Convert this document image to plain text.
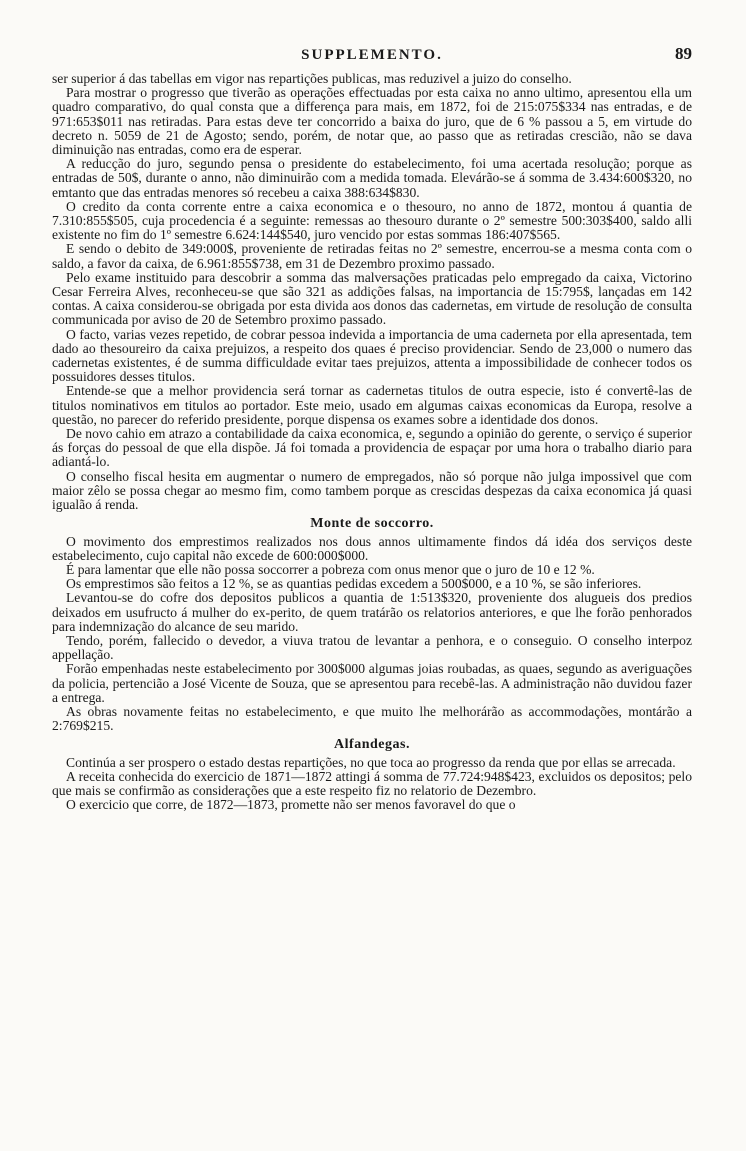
SUPPLEMENTO.	89

ser superior á das tabellas em vigor nas repartições publicas, mas reduzivel a juizo do conselho.

Para mostrar o progresso que tiverão as operações effectuadas por esta caixa no anno ultimo, apresentou ella um quadro comparativo, do qual consta que a differença para mais, em 1872, foi de 215:075$334 nas entradas, e de 971:653$011 nas retiradas. Para estas deve ter concorrido a baixa do juro, que de 6 % passou a 5, em virtude do decreto n. 5059 de 21 de Agosto; sendo, porém, de notar que, ao passo que as retiradas crescião, não se dava diminuição nas entradas, como era de esperar.

A reducção do juro, segundo pensa o presidente do estabelecimento, foi uma acertada resolução; porque as entradas de 50$, durante o anno, não diminuirão com a medida tomada. Elevárão-se á somma de 3.434:600$320, no emtanto que das entradas menores só recebeu a caixa 388:634$830.

O credito da conta corrente entre a caixa economica e o thesouro, no anno de 1872, montou á quantia de 7.310:855$505, cuja procedencia é a seguinte: remessas ao thesouro durante o 2º semestre 500:303$400, saldo alli existente no fim do 1º semestre 6.624:144$540, juro vencido por estas sommas 186:407$565.

E sendo o debito de 349:000$, proveniente de retiradas feitas no 2º semestre, encerrou-se a mesma conta com o saldo, a favor da caixa, de 6.961:855$738, em 31 de Dezembro proximo passado.

Pelo exame instituido para descobrir a somma das malversações praticadas pelo empregado da caixa, Victorino Cesar Ferreira Alves, reconheceu-se que são 321 as addições falsas, na importancia de 15:795$, lançadas em 142 contas. A caixa considerou-se obrigada por esta divida aos donos das cadernetas, em virtude de resolução de consulta communicada por aviso de 20 de Setembro proximo passado.

O facto, varias vezes repetido, de cobrar pessoa indevida a importancia de uma caderneta por ella apresentada, tem dado ao thesoureiro da caixa prejuizos, a respeito dos quaes é preciso providenciar. Sendo de 23,000 o numero das cadernetas existentes, é de summa difficuldade evitar taes prejuizos, attenta a impossibilidade de conhecer todos os possuidores desses titulos.

Entende-se que a melhor providencia será tornar as cadernetas titulos de outra especie, isto é convertê-las de titulos nominativos em titulos ao portador. Este meio, usado em algumas caixas economicas da Europa, resolve a questão, no parecer do referido presidente, porque dispensa os exames sobre a identidade dos donos.

De novo cahio em atrazo a contabilidade da caixa economica, e, segundo a opinião do gerente, o serviço é superior ás forças do pessoal de que ella dispõe. Já foi tomada a providencia de espaçar por uma hora o trabalho diario para adiantá-lo.

O conselho fiscal hesita em augmentar o numero de empregados, não só porque não julga impossivel que com maior zêlo se possa chegar ao mesmo fim, como tambem porque as crescidas despezas da caixa economica já quasi igualão á renda.

Monte de soccorro.

O movimento dos emprestimos realizados nos dous annos ultimamente findos dá idéa dos serviços deste estabelecimento, cujo capital não excede de 600:000$000.

É para lamentar que elle não possa soccorrer a pobreza com onus menor que o juro de 10 e 12 %.

Os emprestimos são feitos a 12 %, se as quantias pedidas excedem a 500$000, e a 10 %, se são inferiores.

Levantou-se do cofre dos depositos publicos a quantia de 1:513$320, proveniente dos alugueis dos predios deixados em usufructo á mulher do ex-perito, de quem tratárão os relatorios anteriores, e que lhe forão penhorados para indemnização do alcance de seu marido.

Tendo, porém, fallecido o devedor, a viuva tratou de levantar a penhora, e o conseguio. O conselho interpoz appellação.

Forão empenhadas neste estabelecimento por 300$000 algumas joias roubadas, as quaes, segundo as averiguações da policia, pertencião a José Vicente de Souza, que se apresentou para recebê-las. A administração não duvidou fazer a entrega.

As obras novamente feitas no estabelecimento, e que muito lhe melhorárão as accommodações, montárão a 2:769$215.

Alfandegas.

Continúa a ser prospero o estado destas repartições, no que toca ao progresso da renda que por ellas se arrecada.

A receita conhecida do exercicio de 1871—1872 attingi á somma de 77.724:948$423, excluidos os depositos; pelo que mais se confirmão as considerações que a este respeito fiz no relatorio de Dezembro.

O exercicio que corre, de 1872—1873, promette não ser menos favoravel do que o
